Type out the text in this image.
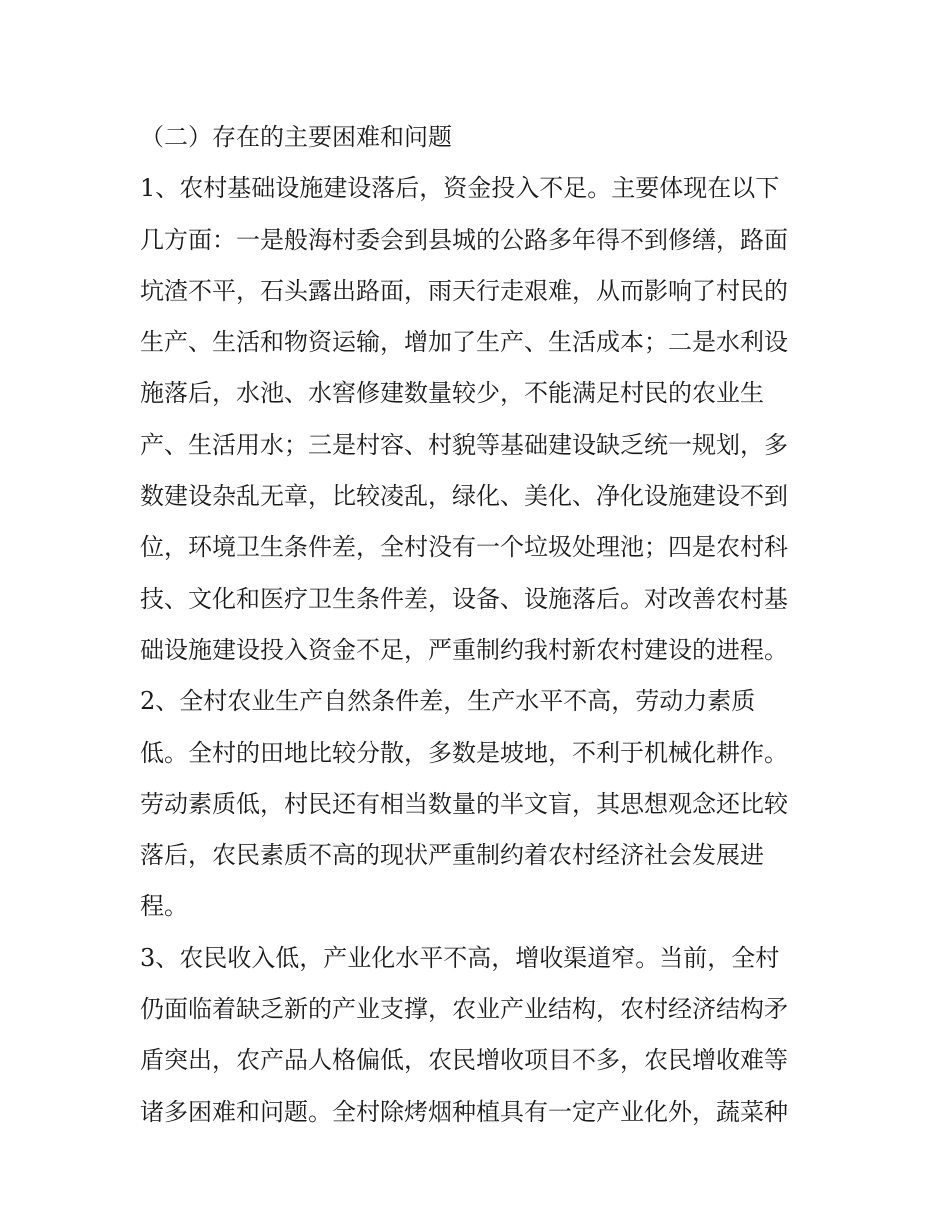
（二）存在的主要困难和问题
1、农村基础设施建设落后，资金投入不足。主要体现在以下
几方面：一是般海村委会到县城的公路多年得不到修缮，路面
坑渣不平，石头露出路面，雨天行走艰难，从而影响了村民的
生产、生活和物资运输，增加了生产、生活成本；二是水利设
施落后，水池、水窖修建数量较少，不能满足村民的农业生
产、生活用水；三是村容、村貌等基础建设缺乏统一规划，多
数建设杂乱无章，比较凌乱，绿化、美化、净化设施建设不到
位，环境卫生条件差，全村没有一个垃圾处理池；四是农村科
技、文化和医疗卫生条件差，设备、设施落后。对改善农村基
础设施建设投入资金不足，严重制约我村新农村建设的进程。
2、全村农业生产自然条件差，生产水平不高，劳动力素质
低。全村的田地比较分散，多数是坡地，不利于机械化耕作。
劳动素质低，村民还有相当数量的半文盲，其思想观念还比较
落后，农民素质不高的现状严重制约着农村经济社会发展进
程。
3、农民收入低，产业化水平不高，增收渠道窄。当前，全村
仍面临着缺乏新的产业支撑，农业产业结构，农村经济结构矛
盾突出，农产品人格偏低，农民增收项目不多，农民增收难等
诸多困难和问题。全村除烤烟种植具有一定产业化外，蔬菜种
